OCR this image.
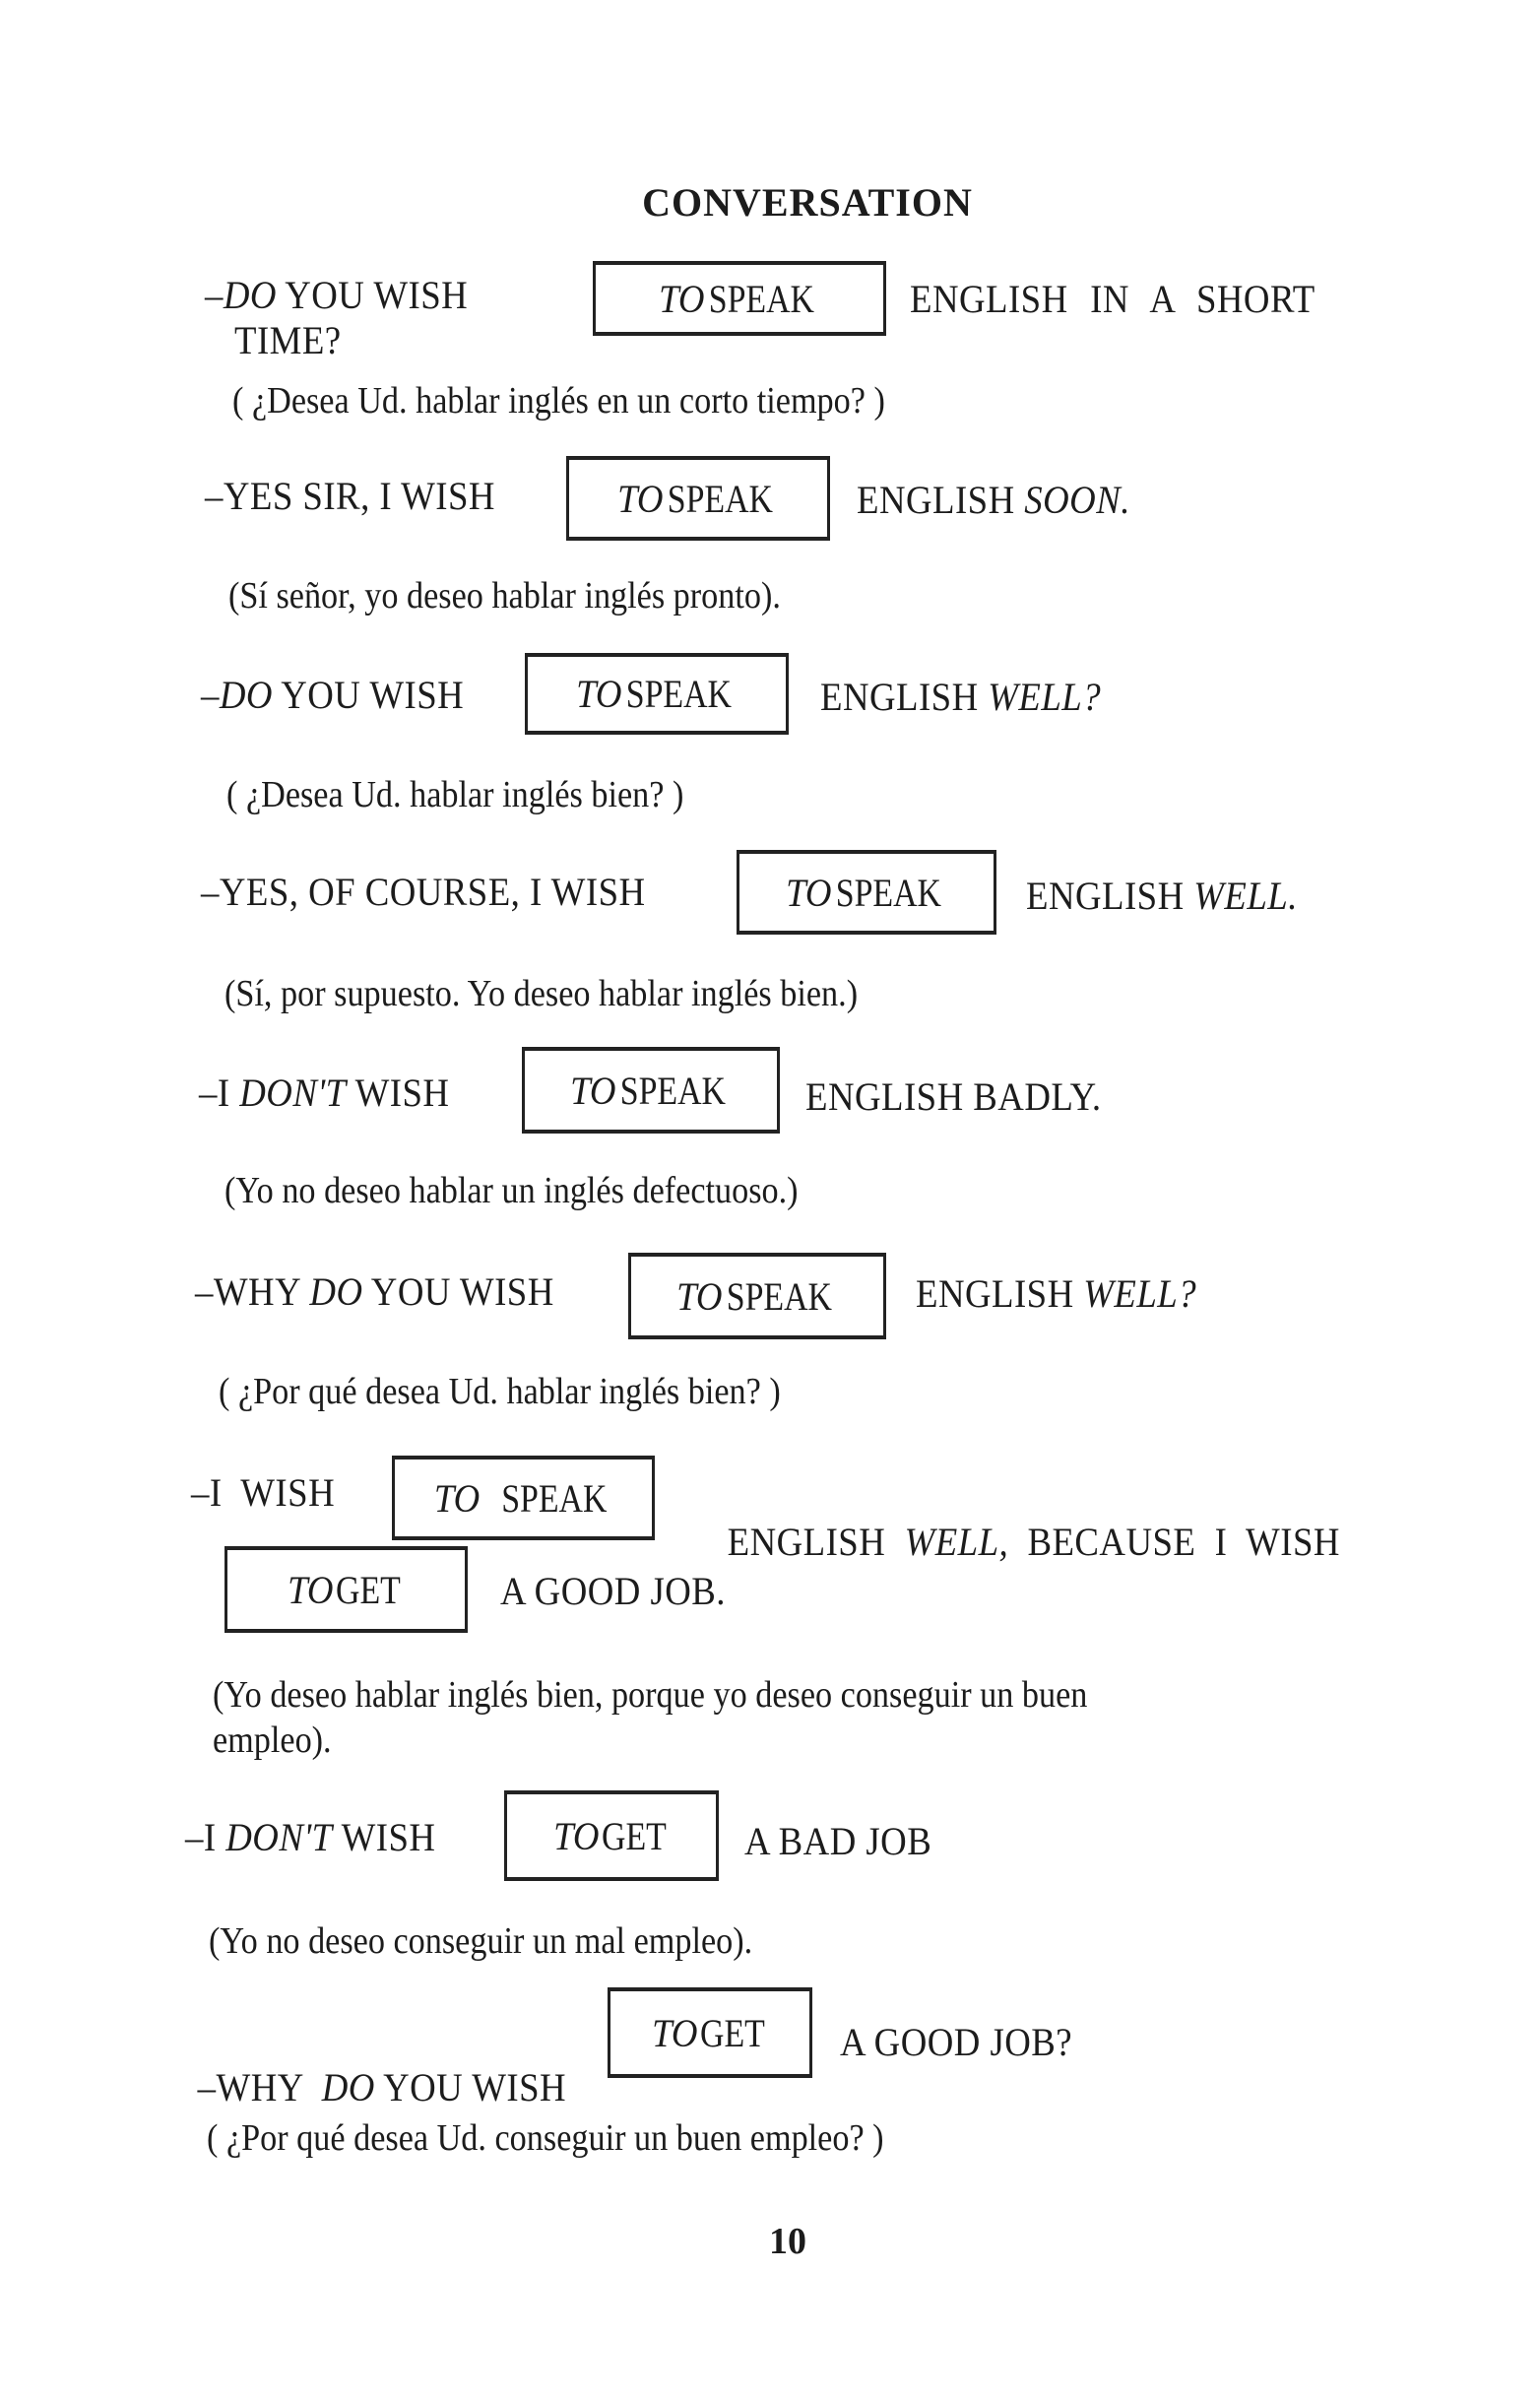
CONVERSATION
–DO YOU WISH	TOSPEAK ENGLISH IN A SHORT
TIME?
( ¿Desea Ud. hablar inglés en un corto tiempo? )
–YES SIR, I WISH	TOSPEAK ENGLISH SOON.
(Sí señor, yo deseo hablar inglés pronto).
–DO YOU WISH	TOSPEAK ENGLISH WELL?
( ¿Desea Ud. hablar inglés bien? )
–YES, OF COURSE, I WISH	TOSPEAK ENGLISH WELL.
(Sí, por supuesto. Yo deseo hablar inglés bien.)
–I DON'T WISH	TOSPEAK ENGLISH BADLY.
(Yo no deseo hablar un inglés defectuoso.)
–WHY DO YOU WISH	TOSPEAK ENGLISH WELL?
( ¿Por qué desea Ud. hablar inglés bien? )
–I  WISH	TO  SPEAK

ENGLISH  WELL,  BECAUSE  I  WISH

TOGET	A GOOD JOB.
(Yo deseo hablar inglés bien, porque yo deseo conseguir un buen
empleo).
–I DON'T WISH	TOGET A BAD JOB
(Yo no deseo conseguir un mal empleo).

–WHY  DO YOU WISH

TOGET A GOOD JOB?
( ¿Por qué desea Ud. conseguir un buen empleo? )
10
